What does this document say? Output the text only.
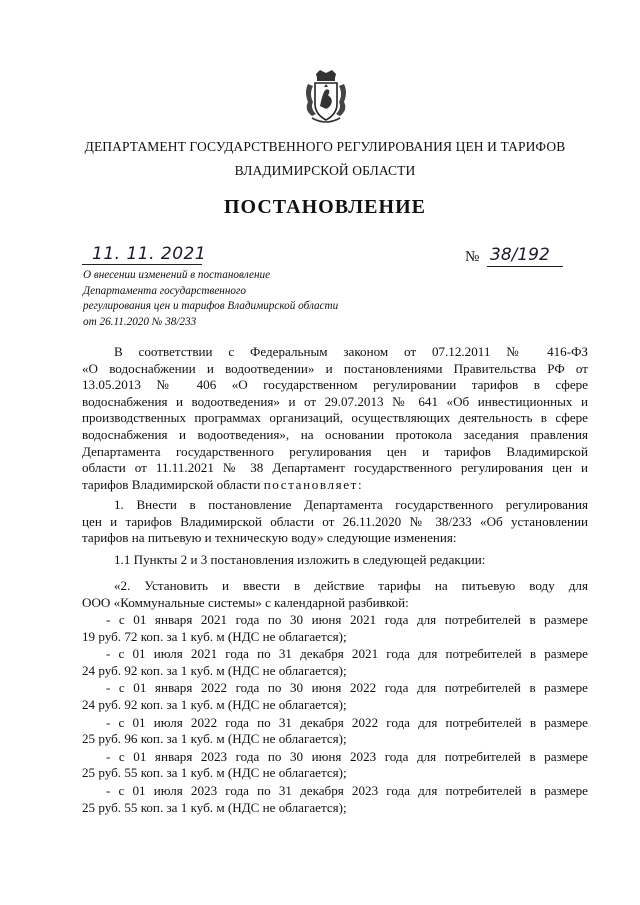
ДЕПАРТАМЕНТ ГОСУДАРСТВЕННОГО РЕГУЛИРОВАНИЯ ЦЕН И ТАРИФОВ
ВЛАДИМИРСКОЙ ОБЛАСТИ
ПОСТАНОВЛЕНИЕ
11. 11. 2021	№ 38/192
О внесении изменений в постановление
Департамента государственного
регулирования цен и тарифов Владимирской области
от 26.11.2020 № 38/233
В соответствии с Федеральным законом от 07.12.2011 № 416-ФЗ
«О водоснабжении и водоотведении» и постановлениями Правительства РФ от
13.05.2013 № 406 «О государственном регулировании тарифов в сфере
водоснабжения и водоотведения» и от 29.07.2013 № 641 «Об инвестиционных и
производственных программах организаций, осуществляющих деятельность в сфере
водоснабжения и водоотведения», на основании протокола заседания правления
Департамента государственного регулирования цен и тарифов Владимирской
области от 11.11.2021 № 38 Департамент государственного регулирования цен и
тарифов Владимирской области постановляет:
1. Внести в постановление Департамента государственного регулирования
цен и тарифов Владимирской области от 26.11.2020 № 38/233 «Об установлении
тарифов на питьевую и техническую воду» следующие изменения:
1.1 Пункты 2 и 3 постановления изложить в следующей редакции:
«2. Установить и ввести в действие тарифы на питьевую воду для
ООО «Коммунальные системы» с календарной разбивкой:
- с 01 января 2021 года по 30 июня 2021 года для потребителей в размере
19 руб. 72 коп. за 1 куб. м (НДС не облагается);
- с 01 июля 2021 года по 31 декабря 2021 года для потребителей в размере
24 руб. 92 коп. за 1 куб. м (НДС не облагается);
- с 01 января 2022 года по 30 июня 2022 года для потребителей в размере
24 руб. 92 коп. за 1 куб. м (НДС не облагается);
- с 01 июля 2022 года по 31 декабря 2022 года для потребителей в размере
25 руб. 96 коп. за 1 куб. м (НДС не облагается);
- с 01 января 2023 года по 30 июня 2023 года для потребителей в размере
25 руб. 55 коп. за 1 куб. м (НДС не облагается);
- с 01 июля 2023 года по 31 декабря 2023 года для потребителей в размере
25 руб. 55 коп. за 1 куб. м (НДС не облагается);
